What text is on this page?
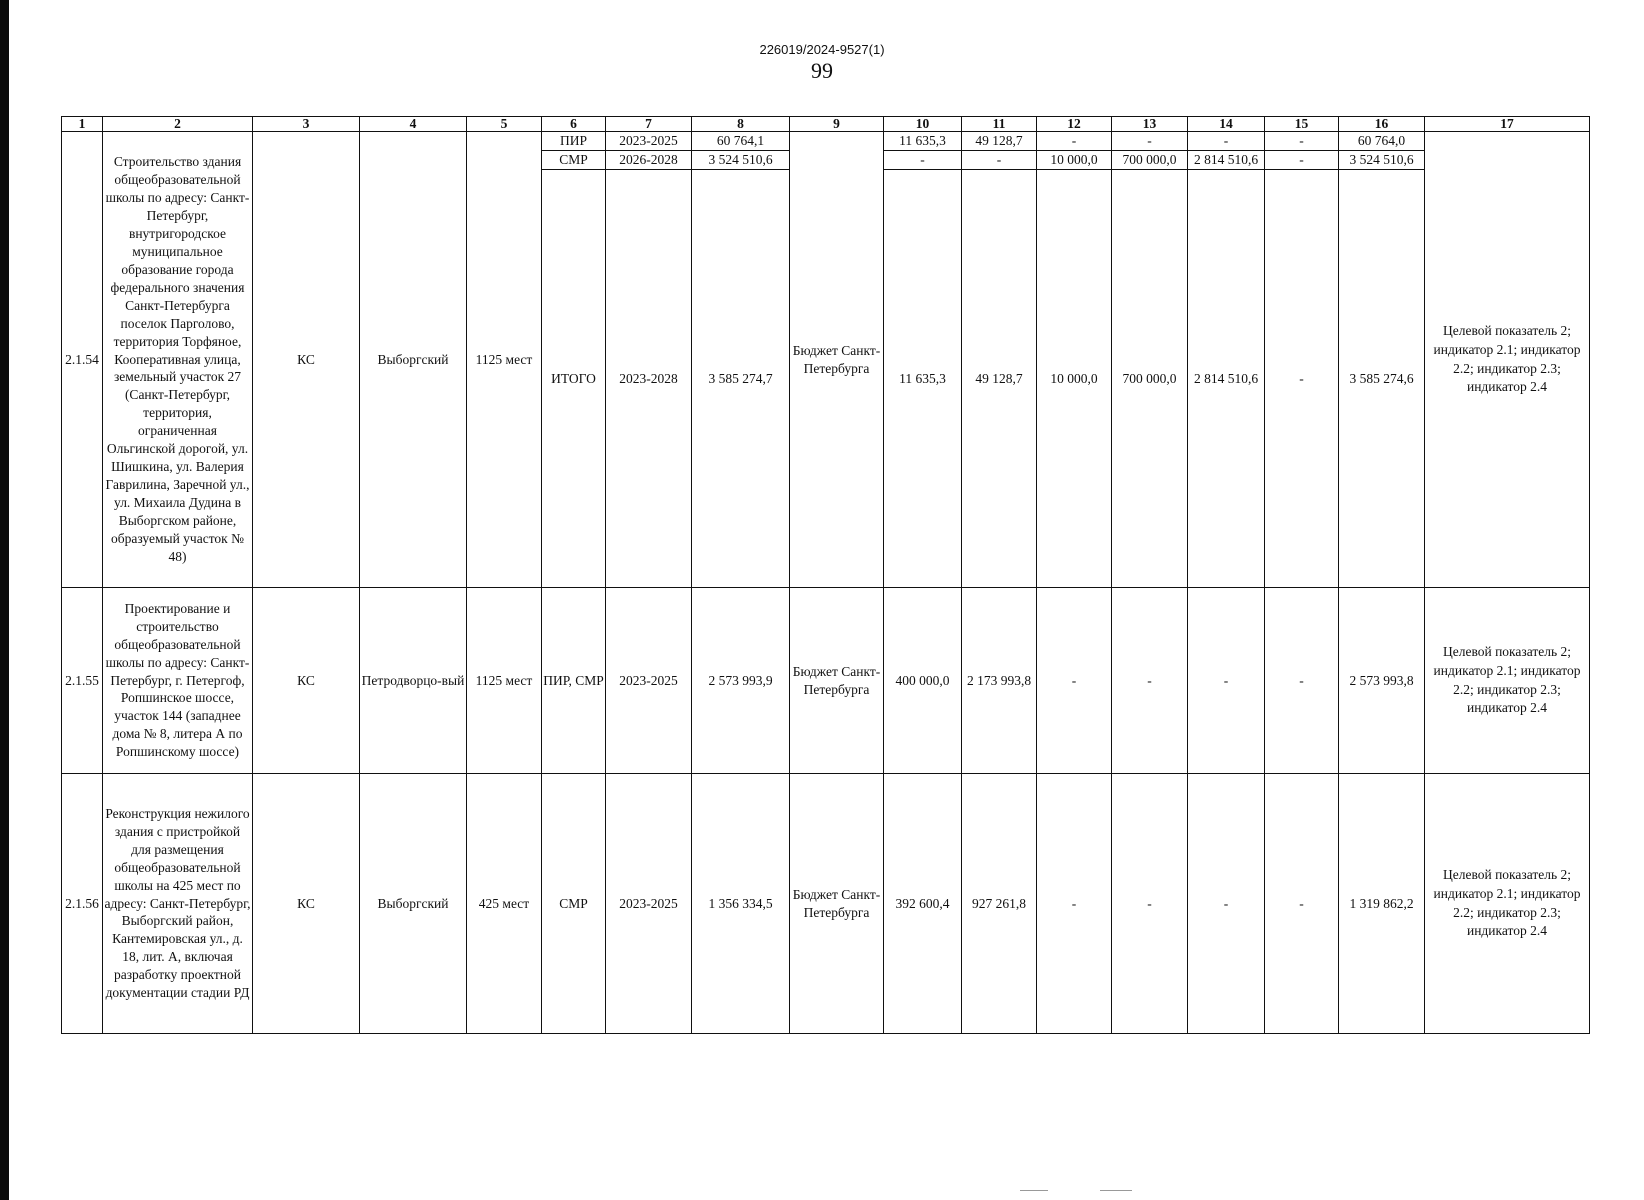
226019/2024-9527(1)
99
1	2	3	4	5	6	7	8	9	10	11	12	13	14	15	16	17
2.1.54	Строительство здания общеобразовательной школы по адресу: Санкт-Петербург, внутригородское муниципальное образование города федерального значения Санкт-Петербурга поселок Парголово, территория Торфяное, Кооперативная улица, земельный участок 27 (Санкт-Петербург, территория, ограниченная Ольгинской дорогой, ул. Шишкина, ул. Валерия Гаврилина, Заречной ул., ул. Михаила Дудина в Выборгском районе, образуемый участок № 48)	КС	Выборгский	1125 мест	ПИР	2023-2025	60 764,1	Бюджет Санкт-Петербурга	11 635,3	49 128,7	-	-	-	-	60 764,0	Целевой показатель 2; индикатор 2.1; индикатор 2.2; индикатор 2.3; индикатор 2.4
					СМР	2026-2028	3 524 510,6		-	-	10 000,0	700 000,0	2 814 510,6	-	3 524 510,6	
					ИТОГО	2023-2028	3 585 274,7		11 635,3	49 128,7	10 000,0	700 000,0	2 814 510,6	-	3 585 274,6	
2.1.55	Проектирование и строительство общеобразовательной школы по адресу: Санкт-Петербург, г. Петергоф, Ропшинское шоссе, участок 144 (западнее дома № 8, литера А по Ропшинскому шоссе)	КС	Петродворцо-вый	1125 мест	ПИР, СМР	2023-2025	2 573 993,9	Бюджет Санкт-Петербурга	400 000,0	2 173 993,8	-	-	-	-	2 573 993,8	Целевой показатель 2; индикатор 2.1; индикатор 2.2; индикатор 2.3; индикатор 2.4
2.1.56	Реконструкция нежилого здания с пристройкой для размещения общеобразовательной школы на 425 мест по адресу: Санкт-Петербург, Выборгский район, Кантемировская ул., д. 18, лит. А, включая разработку проектной документации стадии РД	КС	Выборгский	425 мест	СМР	2023-2025	1 356 334,5	Бюджет Санкт-Петербурга	392 600,4	927 261,8	-	-	-	-	1 319 862,2	Целевой показатель 2; индикатор 2.1; индикатор 2.2; индикатор 2.3; индикатор 2.4
